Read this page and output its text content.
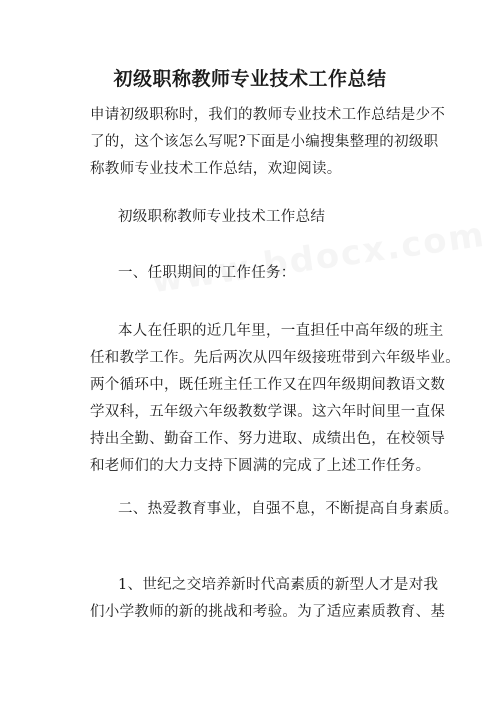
初级职称教师专业技术工作总结
申请初级职称时，我们的教师专业技术工作总结是少不
了的，这个该怎么写呢?下面是小编搜集整理的初级职
称教师专业技术工作总结，欢迎阅读。
初级职称教师专业技术工作总结
一、任职期间的工作任务：
本人在任职的近几年里，一直担任中高年级的班主
任和教学工作。先后两次从四年级接班带到六年级毕业。
两个循环中，既任班主任工作又在四年级期间教语文数
学双科，五年级六年级教数学课。这六年时间里一直保
持出全勤、勤奋工作、努力进取、成绩出色，在校领导
和老师们的大力支持下圆满的完成了上述工作任务。
二、热爱教育事业，自强不息，不断提高自身素质。
1、世纪之交培养新时代高素质的新型人才是对我
们小学教师的新的挑战和考验。为了适应素质教育、基
